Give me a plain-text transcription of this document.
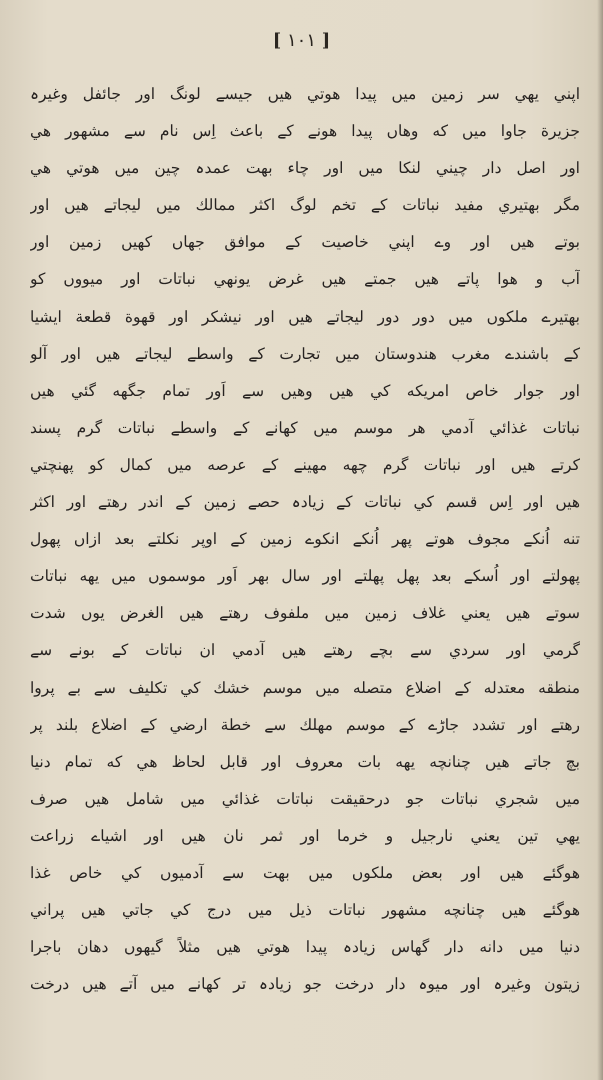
[ ١٠١ ]
اپني يهي سر زمين ميں پيدا هوتي هيں جيسے لونگ اور جائفل وغيرہ
جزيرة جاوا ميں كه وهاں پيدا هونے كے باعث اِس نام سے مشهور هي
اور اصل دار چيني لنكا ميں اور چاء بهت عمدہ چين ميں هوتي هي
مگر بهتيري مفيد نباتات كے تخم لوگ اكثر ممالك ميں ليجاتے هيں اور
بوتے هيں اور وے اپني خاصيت كے موافق جهاں كهيں زمين اور
آب و هوا پاتے هيں جمتے هيں غرض يونهي نباتات اور ميووں كو
بهتيرے ملكوں ميں دور دور ليجاتے هيں اور نيشكر اور قهوة قطعة ايشيا
كے باشندے مغرب هندوستان ميں تجارت كے واسطے ليجاتے هيں اور آلو
اور جوار خاص امريكه كي هيں وهيں سے اَور تمام جگهه گئي هيں
نباتات غذائي آدمي هر موسم ميں كهانے كے واسطے نباتات گرم پسند
كرتے هيں اور نباتات گرم چهه مهينے كے عرصه ميں كمال كو پهنچتي
هيں اور اِس قسم كي نباتات كے زيادہ حصے زمين كے اندر رهتے اور اكثر
تنه اُنكے مجوف هوتے پهر اُنكے انكوے زمين كے اوپر نكلتے بعد ازاں پهول
پهولتے اور اُسكے بعد پهل پهلتے اور سال بهر اَور موسموں ميں يهه نباتات
سوتے هيں يعني غلاف زمين ميں ملفوف رهتے هيں الغرض يوں شدت
گرمي اور سردي سے بچے رهتے هيں آدمي ان نباتات كے بونے سے
منطقه معتدله كے اضلاع متصله ميں موسم خشك كي تكليف سے بے پروا
رهتے اور تشدد جاڑے كے موسم مهلك سے خطة ارضي كے اضلاع بلند پر
بچ جاتے هيں چنانچه يهه بات معروف اور قابل لحاظ هي كه تمام دنيا
ميں شجري نباتات جو درحقيقت نباتات غذائي ميں شامل هيں صرف
يهي تين يعني نارجيل و خرما اور ثمر نان هيں اور اشياے زراعت
هوگئے هيں اور بعض ملكوں ميں بهت سے آدميوں كي خاص غذا
هوگئے هيں چنانچه مشهور نباتات ذيل ميں درج كي جاتي هيں پراني
دنيا ميں دانه دار گهاس زيادہ پيدا هوتي هيں مثلاً گيهوں دهان باجرا
زيتون وغيرہ اور ميوہ دار درخت جو زيادہ تر كهانے ميں آتے هيں درخت
